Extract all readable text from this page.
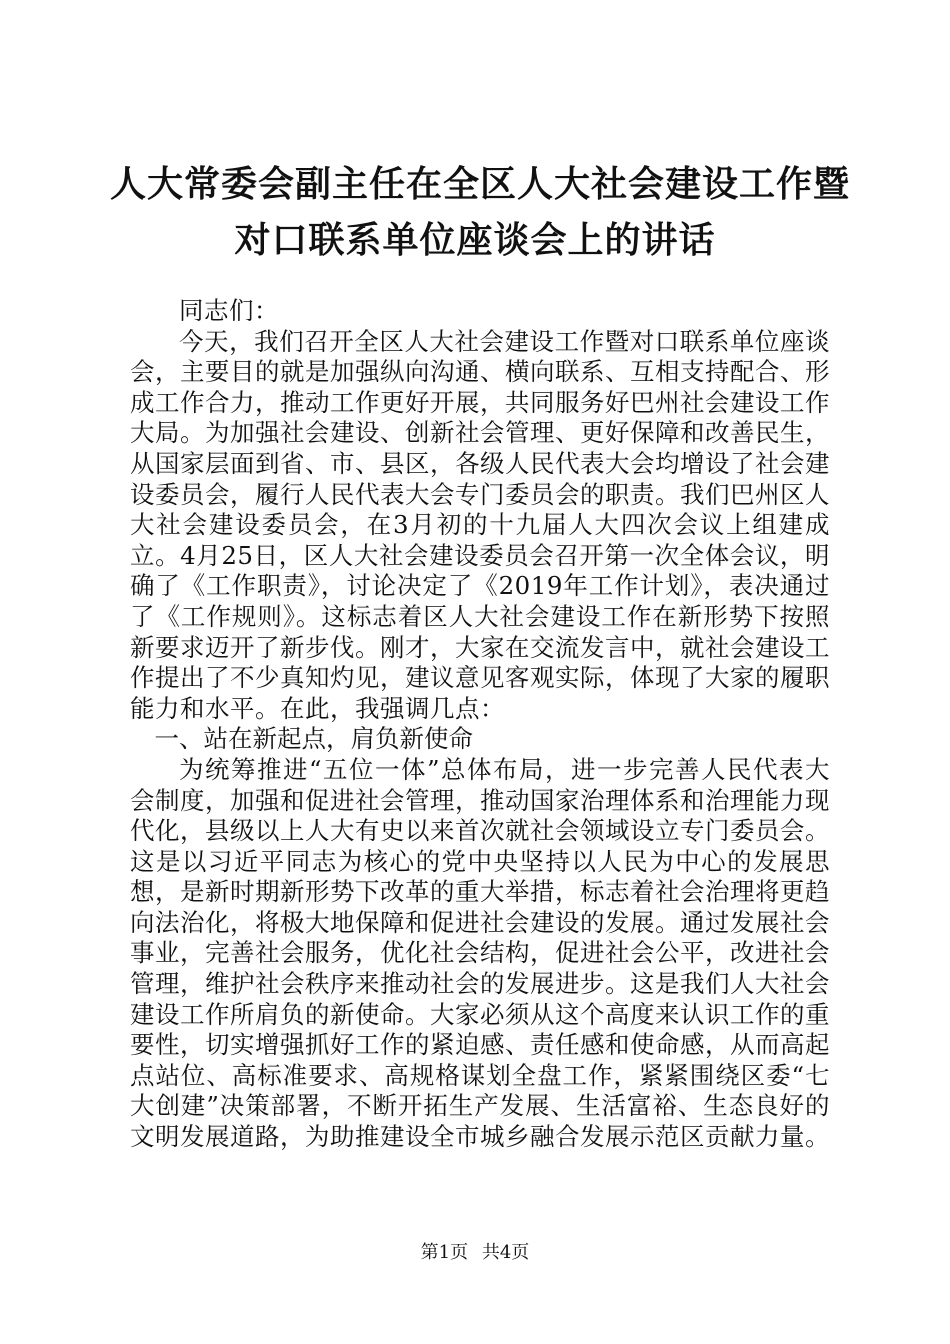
人大常委会副主任在全区人大社会建设工作暨
对口联系单位座谈会上的讲话

同志们：

今天，我们召开全区人大社会建设工作暨对口联系单位座谈会，主要目的就是加强纵向沟通、横向联系、互相支持配合、形成工作合力，推动工作更好开展，共同服务好巴州社会建设工作大局。为加强社会建设、创新社会管理、更好保障和改善民生，从国家层面到省、市、县区，各级人民代表大会均增设了社会建设委员会，履行人民代表大会专门委员会的职责。我们巴州区人大社会建设委员会，在3月初的十九届人大四次会议上组建成立。4月25日，区人大社会建设委员会召开第一次全体会议，明确了《工作职责》，讨论决定了《2019年工作计划》，表决通过了《工作规则》。这标志着区人大社会建设工作在新形势下按照新要求迈开了新步伐。刚才，大家在交流发言中，就社会建设工作提出了不少真知灼见，建议意见客观实际，体现了大家的履职能力和水平。在此，我强调几点：

一、站在新起点，肩负新使命

为统筹推进“五位一体”总体布局，进一步完善人民代表大会制度，加强和促进社会管理，推动国家治理体系和治理能力现代化，县级以上人大有史以来首次就社会领域设立专门委员会。这是以习近平同志为核心的党中央坚持以人民为中心的发展思想，是新时期新形势下改革的重大举措，标志着社会治理将更趋向法治化，将极大地保障和促进社会建设的发展。通过发展社会事业，完善社会服务，优化社会结构，促进社会公平，改进社会管理，维护社会秩序来推动社会的发展进步。这是我们人大社会建设工作所肩负的新使命。大家必须从这个高度来认识工作的重要性，切实增强抓好工作的紧迫感、责任感和使命感，从而高起点站位、高标准要求、高规格谋划全盘工作，紧紧围绕区委“七大创建”决策部署，不断开拓生产发展、生活富裕、生态良好的文明发展道路，为助推建设全市城乡融合发展示范区贡献力量。

第1页 共4页
